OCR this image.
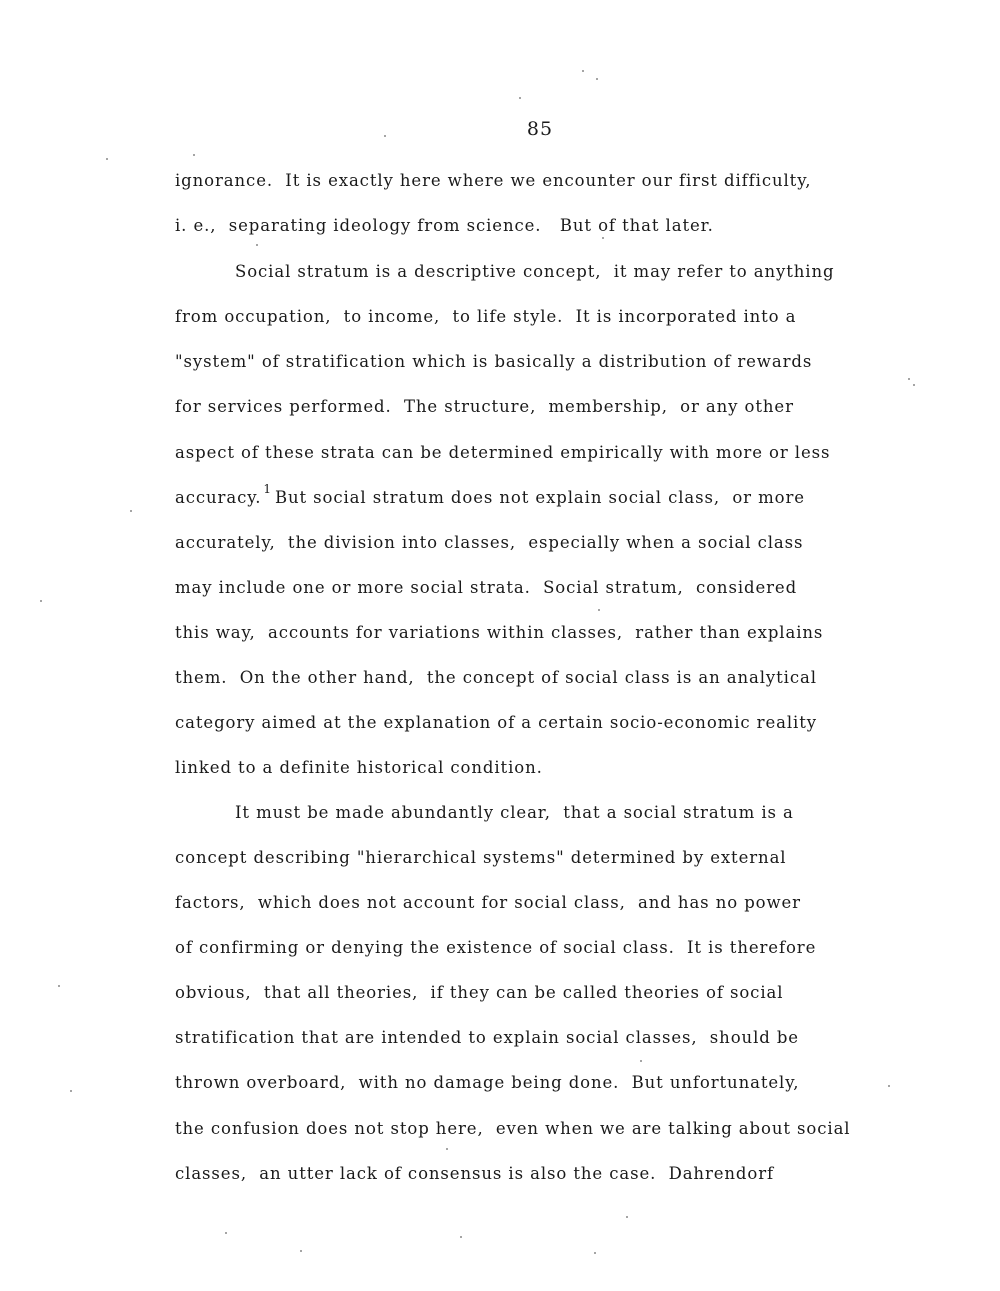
85
ignorance.  It is exactly here where we encounter our first difficulty,
i. e.,  separating ideology from science.   But of that later.
Social stratum is a descriptive concept,  it may refer to anything
from occupation,  to income,  to life style.  It is incorporated into a
"system" of stratification which is basically a distribution of rewards
for services performed.  The structure,  membership,  or any other
aspect of these strata can be determined empirically with more or less
accuracy. $^1$ But social stratum does not explain social class,  or more
accurately,  the division into classes,  especially when a social class
may include one or more social strata.  Social stratum,  considered
this way,  accounts for variations within classes,  rather than explains
them.  On the other hand,  the concept of social class is an analytical
category aimed at the explanation of a certain socio-economic reality
linked to a definite historical condition.
It must be made abundantly clear,  that a social stratum is a
concept describing "hierarchical systems" determined by external
factors,  which does not account for social class,  and has no power
of confirming or denying the existence of social class.  It is therefore
obvious,  that all theories,  if they can be called theories of social
stratification that are intended to explain social classes,  should be
thrown overboard,  with no damage being done.  But unfortunately,
the confusion does not stop here,  even when we are talking about social
classes,  an utter lack of consensus is also the case.  Dahrendorf
